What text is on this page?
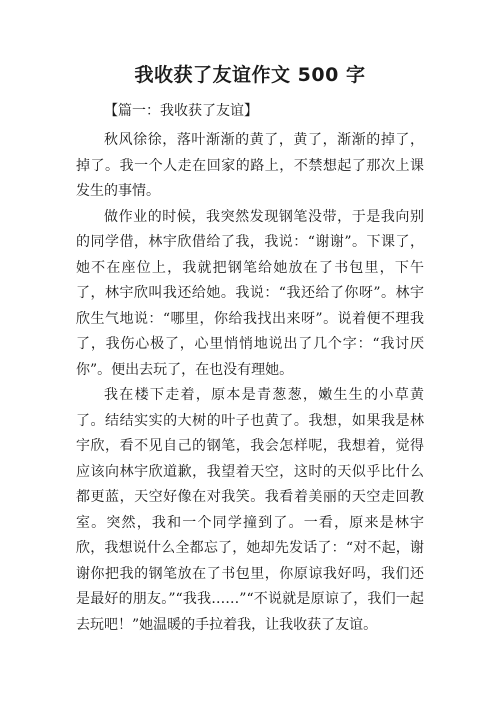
我收获了友谊作文 500 字
【篇一：我收获了友谊】

秋风徐徐，落叶渐渐的黄了，黄了，渐渐的掉了，掉了。我一个人走在回家的路上，不禁想起了那次上课发生的事情。

做作业的时候，我突然发现钢笔没带，于是我向别的同学借，林宇欣借给了我，我说：“谢谢”。下课了，她不在座位上，我就把钢笔给她放在了书包里，下午了，林宇欣叫我还给她。我说：“我还给了你呀”。林宇欣生气地说：“哪里，你给我找出来呀”。说着便不理我了，我伤心极了，心里悄悄地说出了几个字：“我讨厌你”。便出去玩了，在也没有理她。

我在楼下走着，原本是青葱葱，嫩生生的小草黄了。结结实实的大树的叶子也黄了。我想，如果我是林宇欣，看不见自己的钢笔，我会怎样呢，我想着，觉得应该向林宇欣道歉，我望着天空，这时的天似乎比什么都更蓝，天空好像在对我笑。我看着美丽的天空走回教室。突然，我和一个同学撞到了。一看，原来是林宇欣，我想说什么全都忘了，她却先发话了：“对不起，谢谢你把我的钢笔放在了书包里，你原谅我好吗，我们还是最好的朋友。”“我我……”“不说就是原谅了，我们一起去玩吧！”她温暖的手拉着我，让我收获了友谊。
